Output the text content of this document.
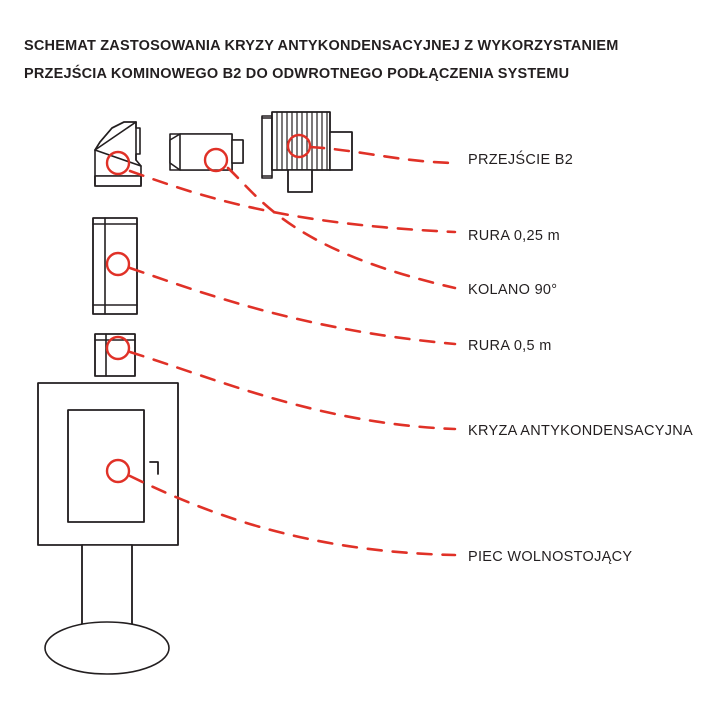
SCHEMAT ZASTOSOWANIA KRYZY ANTYKONDENSACYJNEJ Z WYKORZYSTANIEM
PRZEJŚCIA KOMINOWEGO B2 DO ODWROTNEGO PODŁĄCZENIA SYSTEMU
PRZEJŚCIE B2
RURA 0,25 m
KOLANO 90°
RURA 0,5 m
KRYZA ANTYKONDENSACYJNA
PIEC WOLNOSTOJĄCY
